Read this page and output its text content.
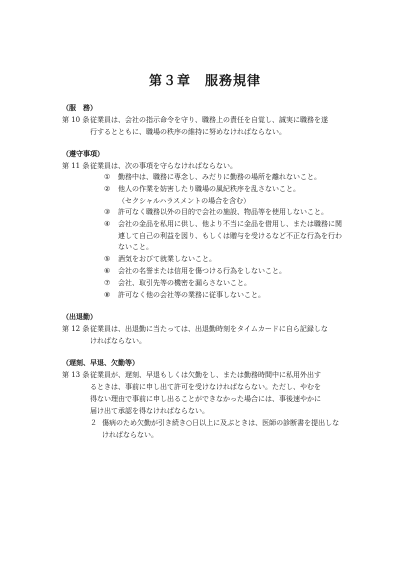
第３章　服務規律
（服　務）
第 10 条 従業員は、会社の指示命令を守り、職務上の責任を自覚し、誠実に職務を遂
行するとともに、職場の秩序の維持に努めなければならない。
（遵守事項）
第 11 条 従業員は、次の事項を守らなければならない。
①	勤務中は、職務に専念し、みだりに勤務の場所を離れないこと。
②	他人の作業を妨害したり職場の風紀秩序を乱さないこと。
（セクシャルハラスメントの場合を含む）
③	許可なく職務以外の目的で会社の施設、物品等を使用しないこと。
④	会社の金品を私用に供し、他より不当に金品を借用し、または職務に関
連して自己の利益を図り、もしくは贈与を受けるなど不正な行為を行わ
ないこと。
⑤	酒気をおびて就業しないこと。
⑥	会社の名誉または信用を傷つける行為をしないこと。
⑦	会社、取引先等の機密を漏らさないこと。
⑧	許可なく他の会社等の業務に従事しないこと。
（出退勤）
第 12 条 従業員は、出退勤に当たっては、出退勤時刻をタイムカードに自ら記録しな
ければならない。
（遅刻、早退、欠勤等）
第 13 条 従業員が、遅刻、早退もしくは欠勤をし、または勤務時間中に私用外出す
るときは、事前に申し出て許可を受けなければならない。ただし、やむを
得ない理由で事前に申し出ることができなかった場合には、事後速やかに
届け出て承認を得なければならない。
２ 傷病のため欠勤が引き続き○日以上に及ぶときは、医師の診断書を提出しな
ければならない。
